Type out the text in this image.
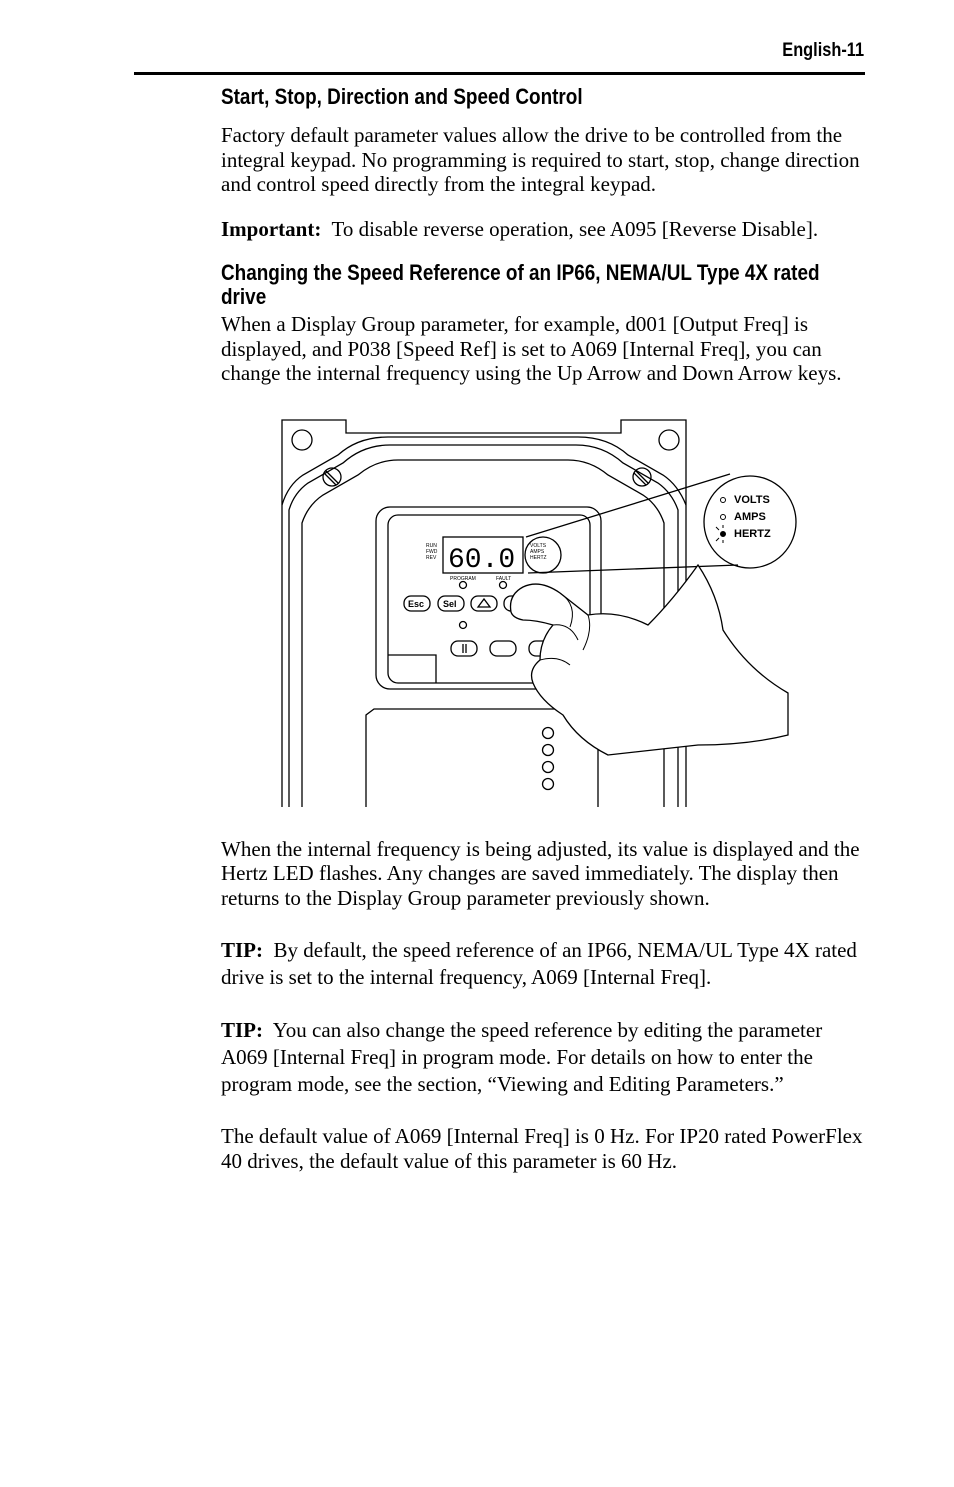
English-11
Start, Stop, Direction and Speed Control

Factory default parameter values allow the drive to be controlled from the integral keypad. No programming is required to start, stop, change direction and control speed directly from the integral keypad.

Important: To disable reverse operation, see A095 [Reverse Disable].

Changing the Speed Reference of an IP66, NEMA/UL Type 4X rated drive

When a Display Group parameter, for example, d001 [Output Freq] is displayed, and P038 [Speed Ref] is set to A069 [Internal Freq], you can change the internal frequency using the Up Arrow and Down Arrow keys.

60.0
RUN
FWD
REV
VOLTS
AMPS
HERTZ
PROGRAM	FAULT
Esc Sel
VOLTS
AMPS
HERTZ

When the internal frequency is being adjusted, its value is displayed and the Hertz LED flashes. Any changes are saved immediately. The display then returns to the Display Group parameter previously shown.

TIP: By default, the speed reference of an IP66, NEMA/UL Type 4X rated drive is set to the internal frequency, A069 [Internal Freq].

TIP: You can also change the speed reference by editing the parameter A069 [Internal Freq] in program mode. For details on how to enter the program mode, see the section, “Viewing and Editing Parameters.”

The default value of A069 [Internal Freq] is 0 Hz. For IP20 rated PowerFlex 40 drives, the default value of this parameter is 60 Hz.
